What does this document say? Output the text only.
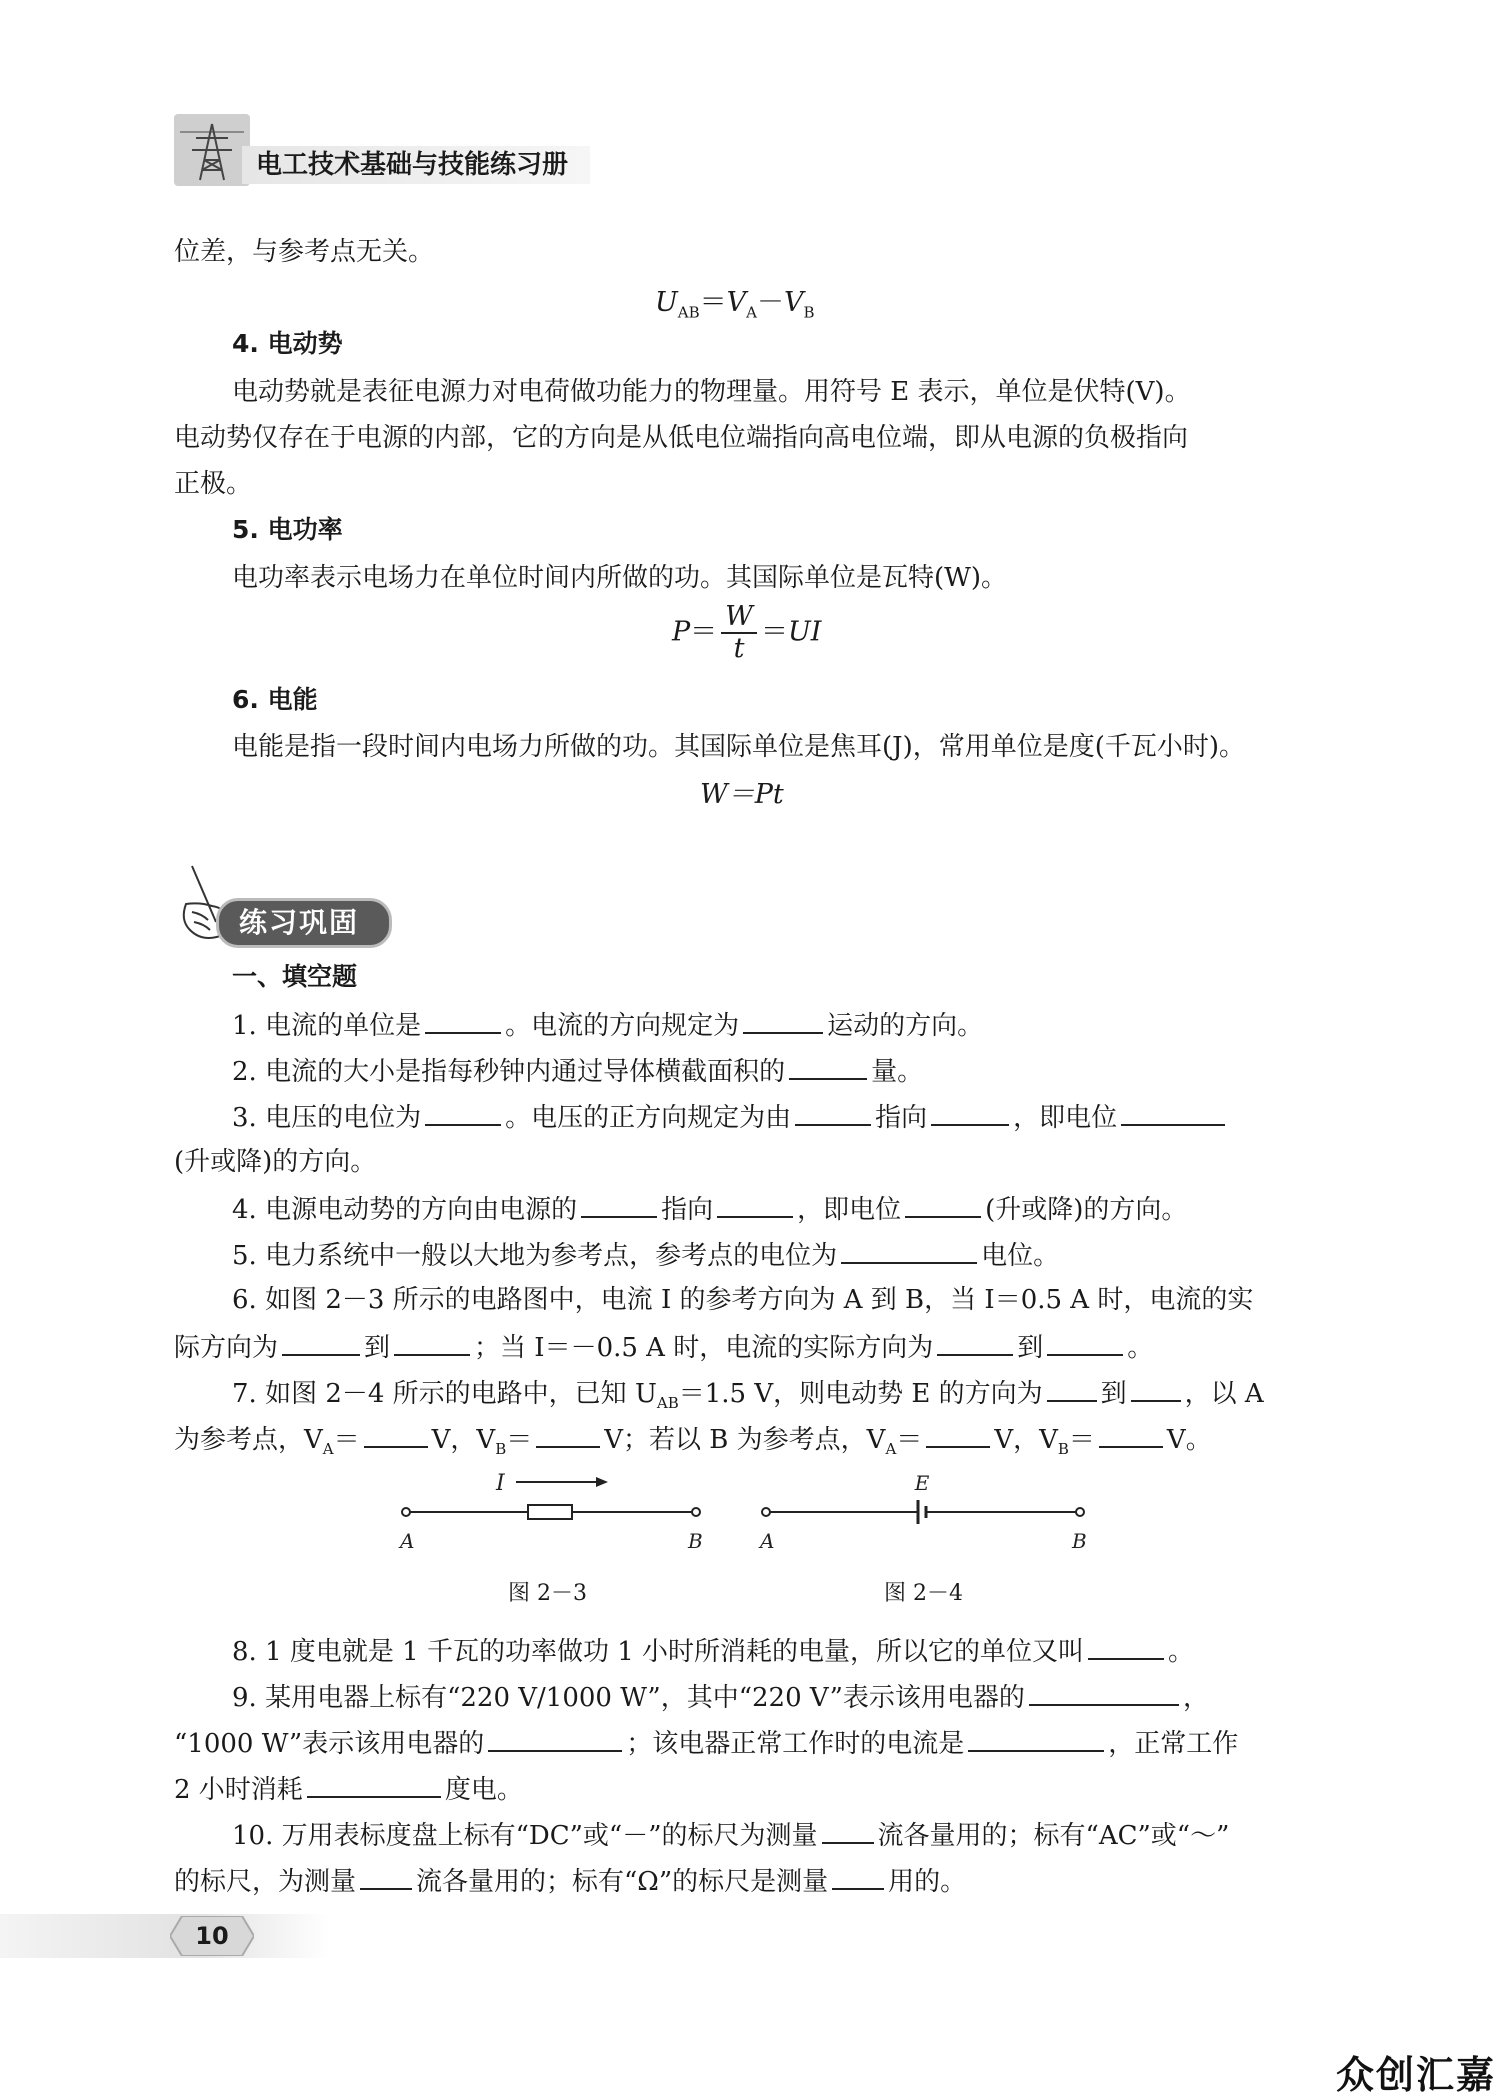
电工技术基础与技能练习册
位差，与参考点无关。
$U_{AB}=V_A-V_B$
4. 电动势
电动势就是表征电源力对电荷做功能力的物理量。用符号 E 表示，单位是伏特(V)。
电动势仅存在于电源的内部，它的方向是从低电位端指向高电位端，即从电源的负极指向
正极。
5. 电功率
电功率表示电场力在单位时间内所做的功。其国际单位是瓦特(W)。
$P= \frac{W}{t} =UI$
6. 电能
电能是指一段时间内电场力所做的功。其国际单位是焦耳(J)，常用单位是度(千瓦小时)。
W＝Pt
练习巩固
一、填空题
1. 电流的单位是	。电流的方向规定为	运动的方向。
2. 电流的大小是指每秒钟内通过导体横截面积的	量。
3. 电压的电位为	。电压的正方向规定为由	指向	，即电位
(升或降)的方向。
4. 电源电动势的方向由电源的	指向	，即电位	(升或降)的方向。
5. 电力系统中一般以大地为参考点，参考点的电位为	电位。
6. 如图 2－3 所示的电路图中，电流 I 的参考方向为 A 到 B，当 I＝0.5 A 时，电流的实
际方向为	到	；当 I＝－0.5 A 时，电流的实际方向为	到	。
7. 如图 2－4 所示的电路中，已知 $U_{AB}=1.5$ V，则电动势 E 的方向为 到 ，以 A
为参考点，$V_A=$	V，$V_B=$	V；若以 B 为参考点，$V_A=$	V，$V_B=$	V。
I
A	B
图 2－3
E
A	B
图 2－4
8. 1 度电就是 1 千瓦的功率做功 1 小时所消耗的电量，所以它的单位又叫	。
9. 某用电器上标有“220 V/1000 W”，其中“220 V”表示该用电器的	，
“1000 W”表示该用电器的	；该电器正常工作时的电流是	，正常工作
2 小时消耗	度电。
10. 万用表标度盘上标有“DC”或“－”的标尺为测量 流各量用的；标有“AC”或“～”
的标尺，为测量 流各量用的；标有“Ω”的标尺是测量 用的。
10
众创汇嘉
